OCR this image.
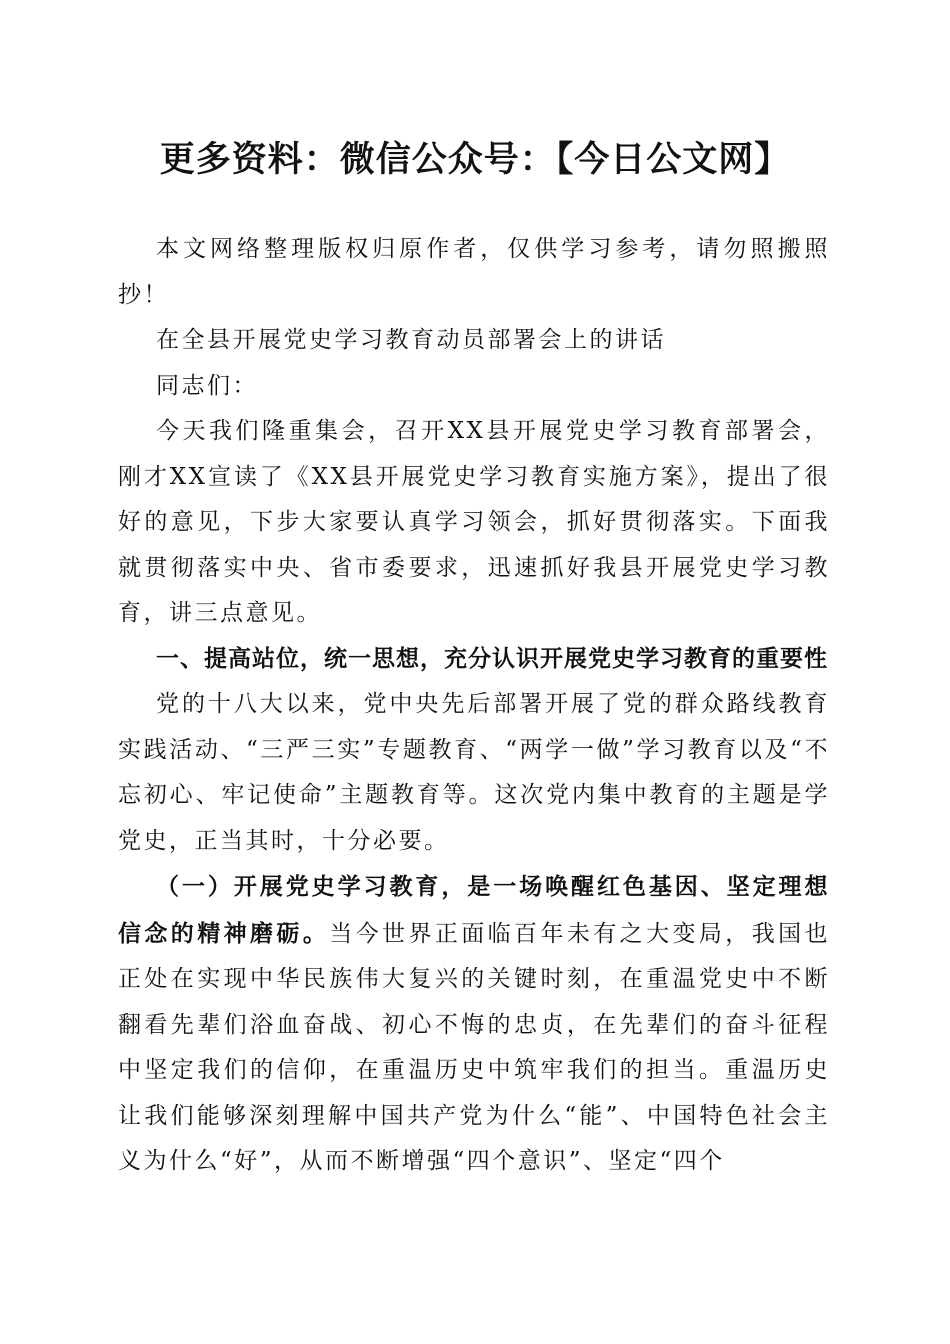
更多资料：微信公众号：【今日公文网】

本文网络整理版权归原作者，仅供学习参考，请勿照搬照抄！

在全县开展党史学习教育动员部署会上的讲话

同志们：

今天我们隆重集会，召开XX县开展党史学习教育部署会，刚才XX宣读了《XX县开展党史学习教育实施方案》，提出了很好的意见，下步大家要认真学习领会，抓好贯彻落实。下面我就贯彻落实中央、省市委要求，迅速抓好我县开展党史学习教育，讲三点意见。

一、提高站位，统一思想，充分认识开展党史学习教育的重要性

党的十八大以来，党中央先后部署开展了党的群众路线教育实践活动、“三严三实”专题教育、“两学一做”学习教育以及“不忘初心、牢记使命”主题教育等。这次党内集中教育的主题是学党史，正当其时，十分必要。

（一）开展党史学习教育，是一场唤醒红色基因、坚定理想信念的精神磨砺。当今世界正面临百年未有之大变局，我国也正处在实现中华民族伟大复兴的关键时刻，在重温党史中不断翻看先辈们浴血奋战、初心不悔的忠贞，在先辈们的奋斗征程中坚定我们的信仰，在重温历史中筑牢我们的担当。重温历史让我们能够深刻理解中国共产党为什么“能”、中国特色社会主义为什么“好”，从而不断增强“四个意识”、坚定“四个
